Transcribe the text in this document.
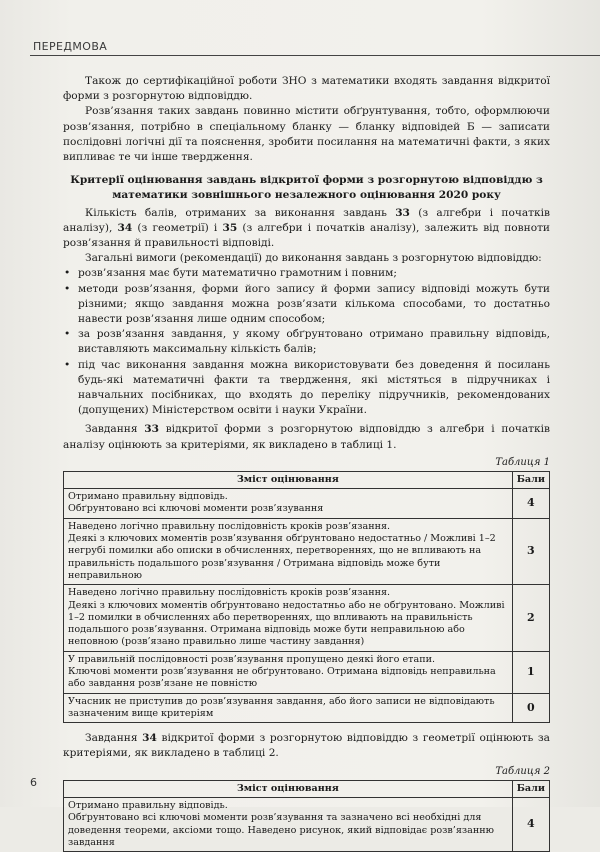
ПЕРЕДМОВА

Також до сертифікаційної роботи ЗНО з математики входять завдання відкритої форми з розгорнутою відповіддю.

Розв’язання таких завдань повинно містити обґрунтування, тобто, оформлюючи розв’язання, потрібно в спеціальному бланку — бланку відповідей Б — записати послідовні логічні дії та пояснення, зробити посилання на математичні факти, з яких випливає те чи інше твердження.

Критерії оцінювання завдань відкритої форми з розгорнутою відповіддю з математики зовнішнього незалежного оцінювання 2020 року

Кількість балів, отриманих за виконання завдань 33 (з алгебри і початків аналізу), 34 (з геометрії) і 35 (з алгебри і початків аналізу), залежить від повноти розв’язання й правильності відповіді.

Загальні вимоги (рекомендації) до виконання завдань з розгорнутою відповіддю:

• розв’язання має бути математично грамотним і повним;
• методи розв’язання, форми його запису й форми запису відповіді можуть бути різними; якщо завдання можна розв’язати кількома способами, то достатньо навести розв’язання лише одним способом;
• за розв’язання завдання, у якому обґрунтовано отримано правильну відповідь, виставляють максимальну кількість балів;
• під час виконання завдання можна використовувати без доведення й посилань будь-які математичні факти та твердження, які містяться в підручниках і навчальних посібниках, що входять до переліку підручників, рекомендованих (допущених) Міністерством освіти і науки України.

Завдання 33 відкритої форми з розгорнутою відповіддю з алгебри і початків аналізу оцінюють за критеріями, як викладено в таблиці 1.

Таблиця 1
Зміст оцінювання	Бали
Отримано правильну відповідь.
Обґрунтовано всі ключові моменти розв’язування	4
Наведено логічно правильну послідовність кроків розв’язання.
Деякі з ключових моментів розв’язування обґрунтовано недостатньо / Можливі 1–2 негрубі помилки або описки в обчисленнях, перетвореннях, що не впливають на правильність подальшого розв’язування / Отримана відповідь може бути неправильною	3
Наведено логічно правильну послідовність кроків розв’язання.
Деякі з ключових моментів обґрунтовано недостатньо або не обґрунтовано. Можливі 1–2 помилки в обчисленнях або перетвореннях, що впливають на правильність подальшого розв’язування. Отримана відповідь може бути неправильною або неповною (розв’язано правильно лише частину завдання)	2
У правильній послідовності розв’язування пропущено деякі його етапи.
Ключові моменти розв’язування не обґрунтовано. Отримана відповідь неправильна або завдання розв’язане не повністю	1
Учасник не приступив до розв’язування завдання, або його записи не відповідають зазначеним вище критеріям	0

Завдання 34 відкритої форми з розгорнутою відповіддю з геометрії оцінюють за критеріями, як викладено в таблиці 2.

Таблиця 2
Зміст оцінювання	Бали
Отримано правильну відповідь.
Обґрунтовано всі ключові моменти розв’язування та зазначено всі необхідні для доведення теореми, аксіоми тощо. Наведено рисунок, який відповідає розв’язанню завдання	4
6
